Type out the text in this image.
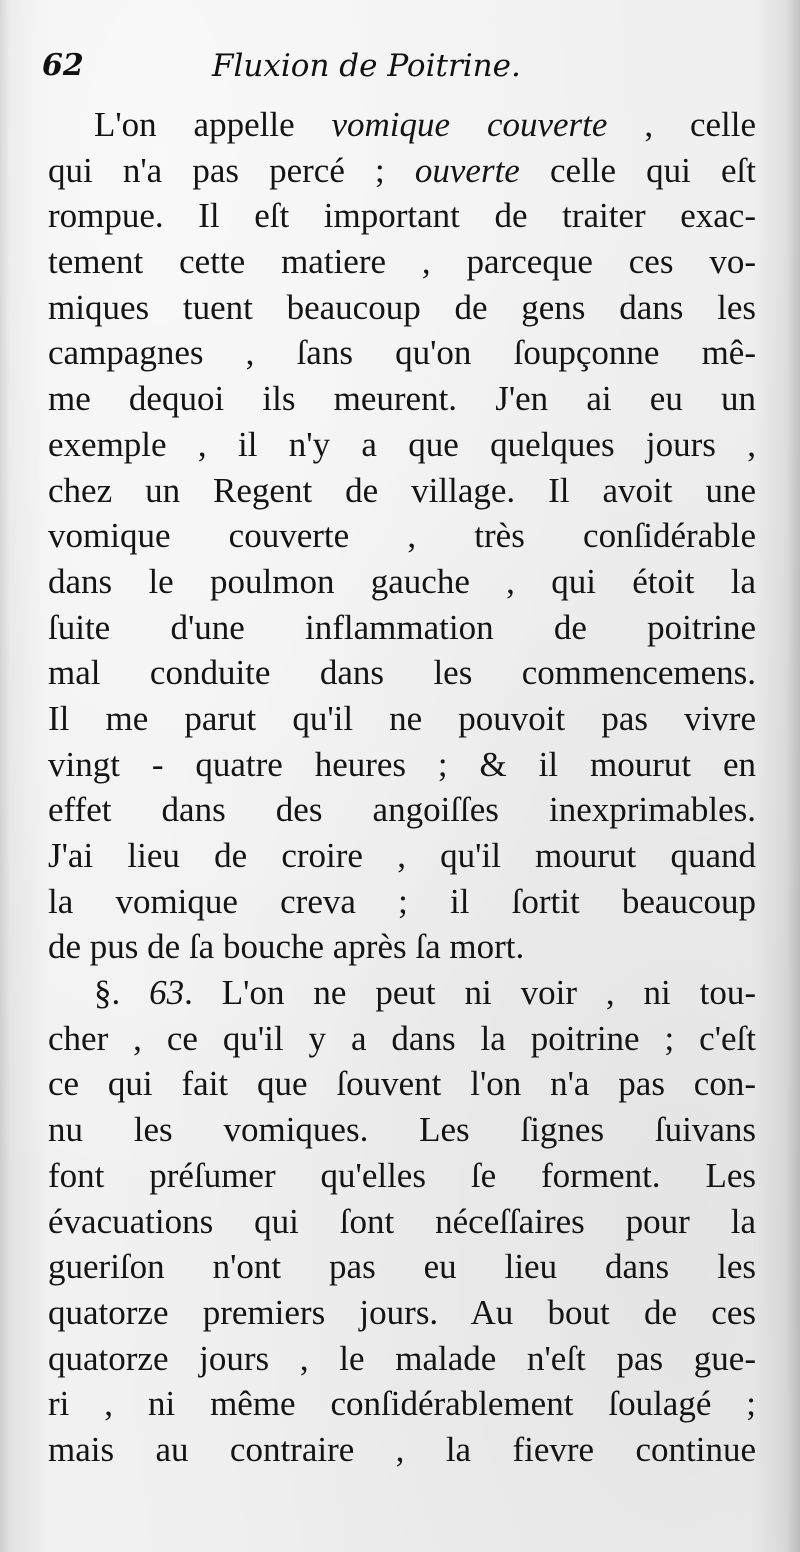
62	Fluxion de Poitrine.
L'on appelle vomique couverte , celle
qui n'a pas percé ; ouverte celle qui eſt
rompue. Il eſt important de traiter exac-
tement cette matiere , parceque ces vo-
miques tuent beaucoup de gens dans les
campagnes , ſans qu'on ſoupçonne mê-
me dequoi ils meurent. J'en ai eu un
exemple , il n'y a que quelques jours ,
chez un Regent de village. Il avoit une
vomique couverte , très conſidérable
dans le poulmon gauche , qui étoit la
ſuite d'une inflammation de poitrine
mal conduite dans les commencemens.
Il me parut qu'il ne pouvoit pas vivre
vingt - quatre heures ; & il mourut en
effet dans des angoiſſes inexprimables.
J'ai lieu de croire , qu'il mourut quand
la vomique creva ; il ſortit beaucoup
de pus de ſa bouche après ſa mort.
§. 63. L'on ne peut ni voir , ni tou-
cher , ce qu'il y a dans la poitrine ; c'eſt
ce qui fait que ſouvent l'on n'a pas con-
nu les vomiques. Les ſignes ſuivans
font préſumer qu'elles ſe forment. Les
évacuations qui ſont néceſſaires pour la
gueriſon n'ont pas eu lieu dans les
quatorze premiers jours. Au bout de ces
quatorze jours , le malade n'eſt pas gue-
ri , ni même conſidérablement ſoulagé ;
mais au contraire , la fievre continue
